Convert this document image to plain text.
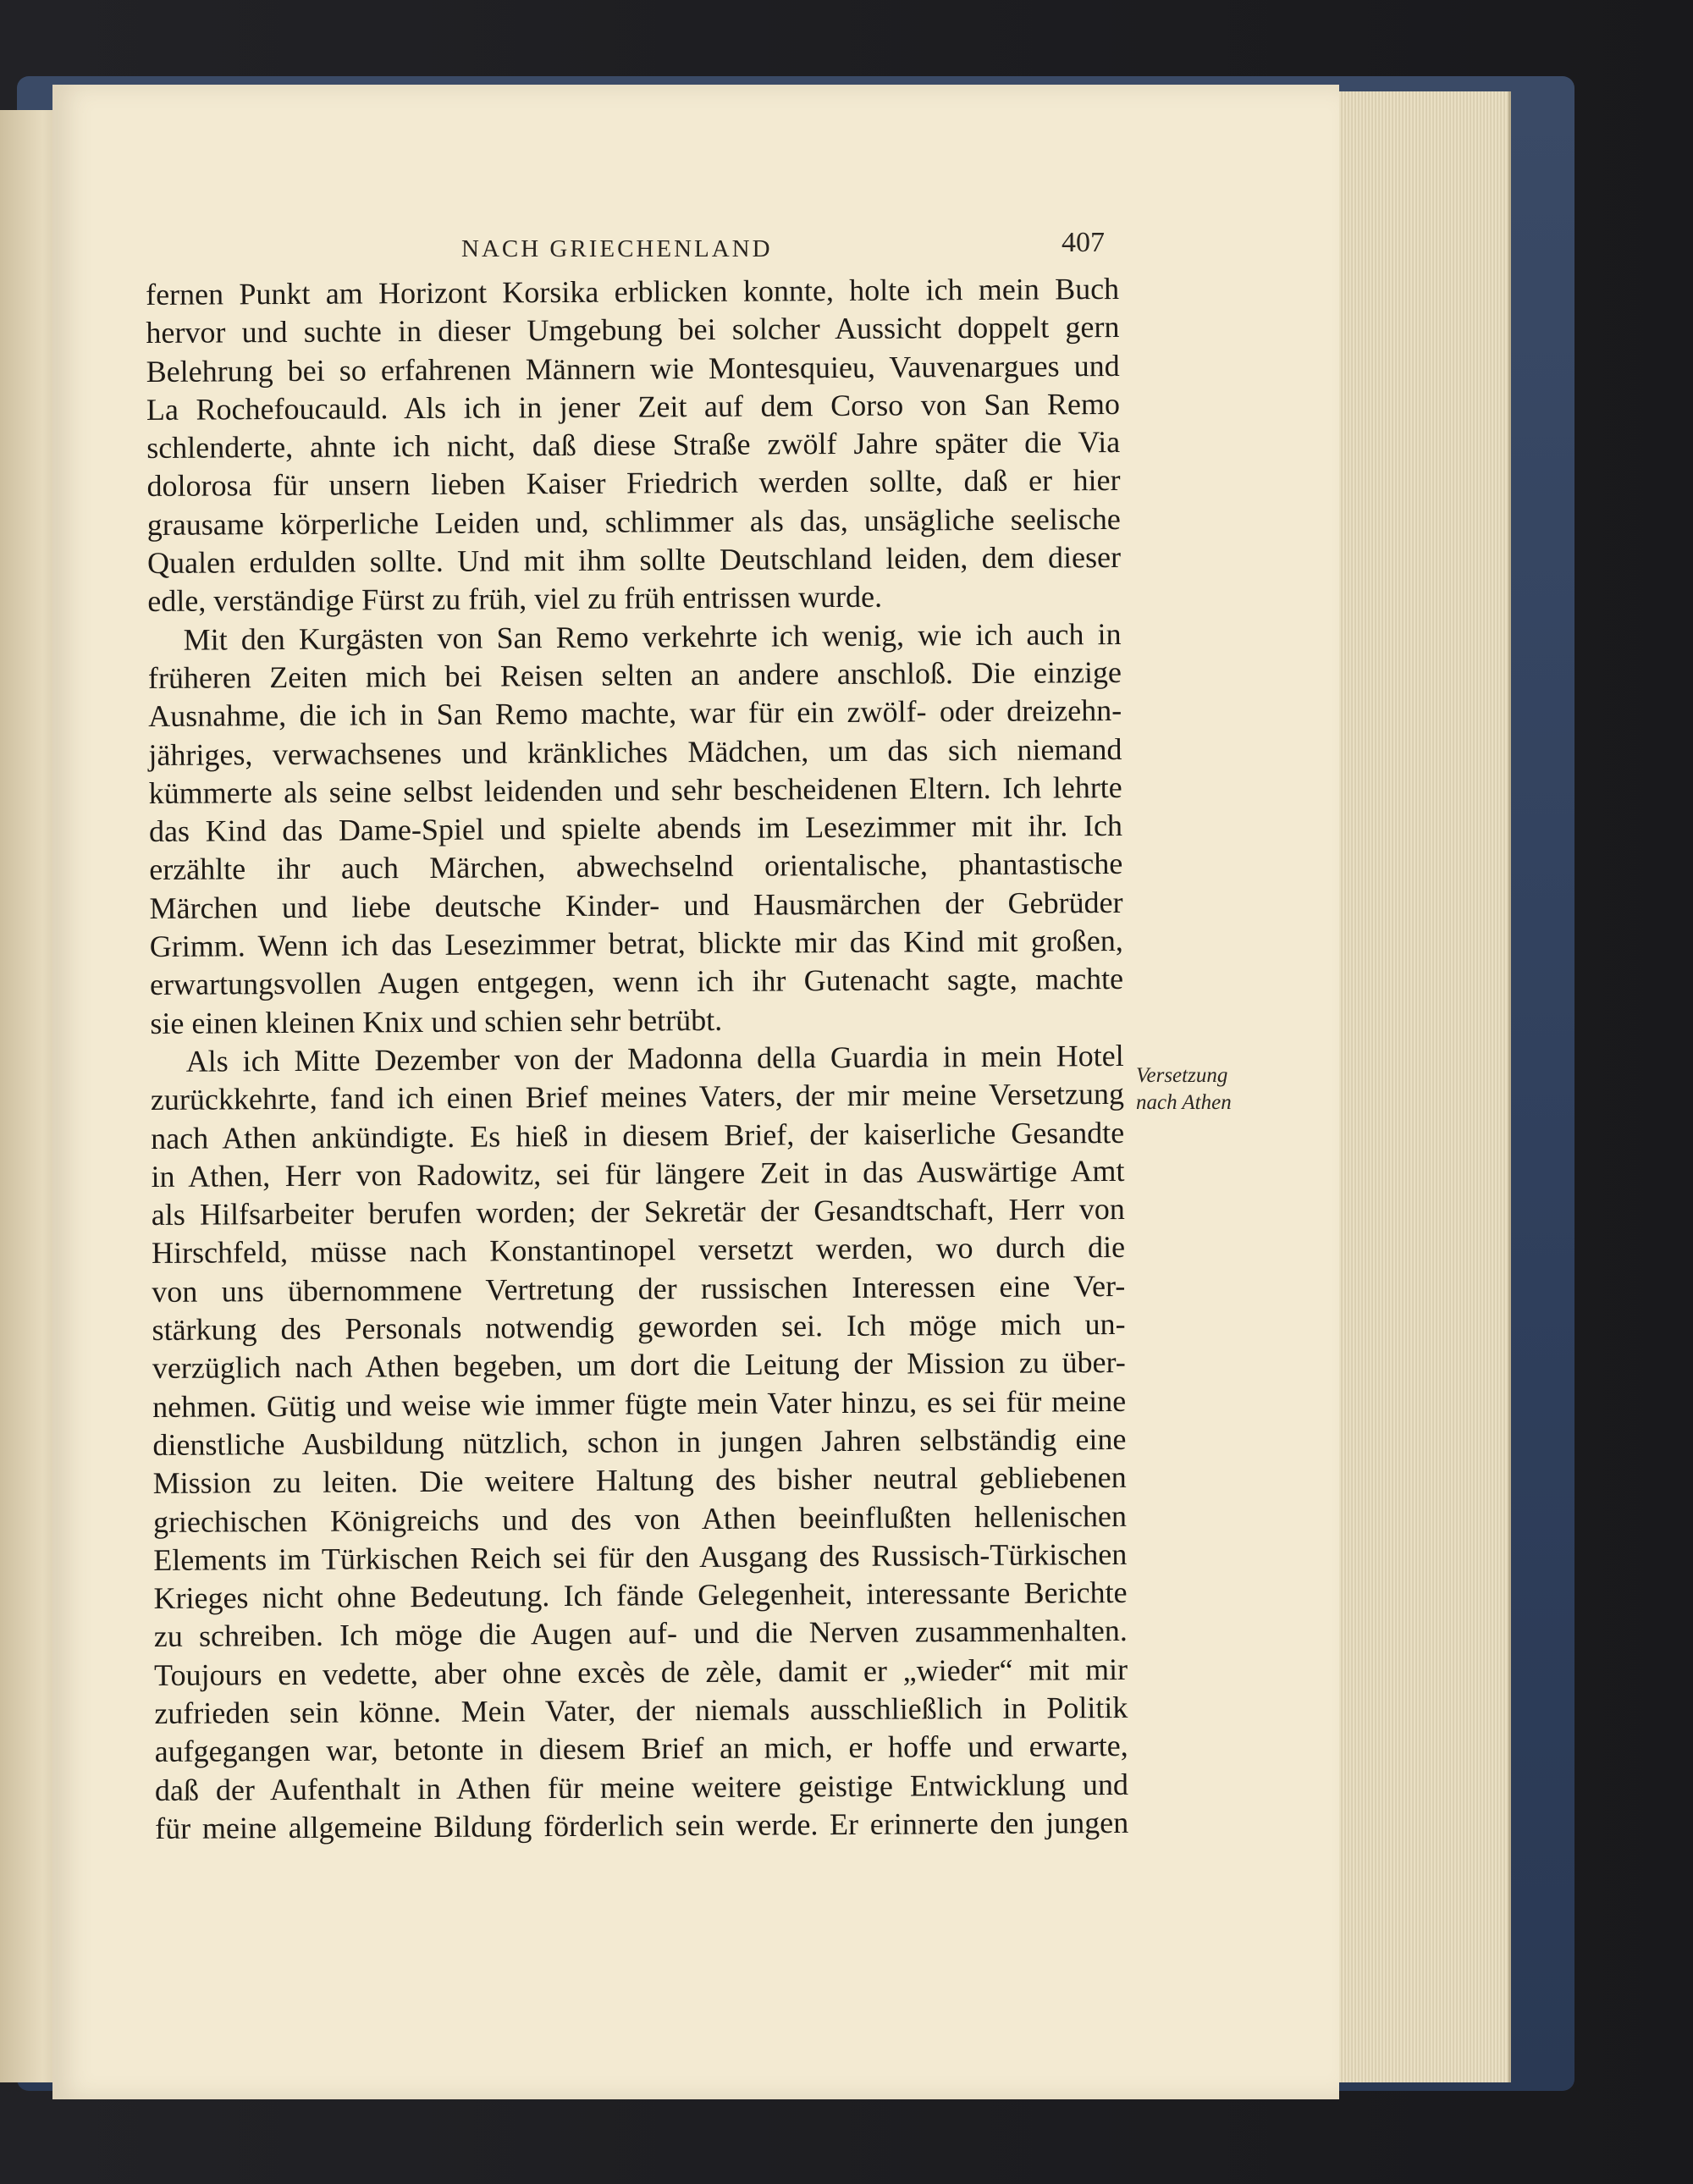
NACH GRIECHENLAND	407

fernen Punkt am Horizont Korsika erblicken konnte, holte ich mein Buch
hervor und suchte in dieser Umgebung bei solcher Aussicht doppelt gern
Belehrung bei so erfahrenen Männern wie Montesquieu, Vauvenargues und
La Rochefoucauld. Als ich in jener Zeit auf dem Corso von San Remo
schlenderte, ahnte ich nicht, daß diese Straße zwölf Jahre später die Via
dolorosa für unsern lieben Kaiser Friedrich werden sollte, daß er hier
grausame körperliche Leiden und, schlimmer als das, unsägliche seelische
Qualen erdulden sollte. Und mit ihm sollte Deutschland leiden, dem dieser
edle, verständige Fürst zu früh, viel zu früh entrissen wurde.

Mit den Kurgästen von San Remo verkehrte ich wenig, wie ich auch in
früheren Zeiten mich bei Reisen selten an andere anschloß. Die einzige
Ausnahme, die ich in San Remo machte, war für ein zwölf- oder dreizehn-
jähriges, verwachsenes und kränkliches Mädchen, um das sich niemand
kümmerte als seine selbst leidenden und sehr bescheidenen Eltern. Ich lehrte
das Kind das Dame-Spiel und spielte abends im Lesezimmer mit ihr. Ich
erzählte ihr auch Märchen, abwechselnd orientalische, phantastische
Märchen und liebe deutsche Kinder- und Hausmärchen der Gebrüder
Grimm. Wenn ich das Lesezimmer betrat, blickte mir das Kind mit großen,
erwartungsvollen Augen entgegen, wenn ich ihr Gutenacht sagte, machte
sie einen kleinen Knix und schien sehr betrübt.

Als ich Mitte Dezember von der Madonna della Guardia in mein Hotel
zurückkehrte, fand ich einen Brief meines Vaters, der mir meine Versetzung
nach Athen ankündigte. Es hieß in diesem Brief, der kaiserliche Gesandte
in Athen, Herr von Radowitz, sei für längere Zeit in das Auswärtige Amt
als Hilfsarbeiter berufen worden; der Sekretär der Gesandtschaft, Herr von
Hirschfeld, müsse nach Konstantinopel versetzt werden, wo durch die
von uns übernommene Vertretung der russischen Interessen eine Ver-
stärkung des Personals notwendig geworden sei. Ich möge mich un-
verzüglich nach Athen begeben, um dort die Leitung der Mission zu über-
nehmen. Gütig und weise wie immer fügte mein Vater hinzu, es sei für meine
dienstliche Ausbildung nützlich, schon in jungen Jahren selbständig eine
Mission zu leiten. Die weitere Haltung des bisher neutral gebliebenen
griechischen Königreichs und des von Athen beeinflußten hellenischen
Elements im Türkischen Reich sei für den Ausgang des Russisch-Türkischen
Krieges nicht ohne Bedeutung. Ich fände Gelegenheit, interessante Berichte
zu schreiben. Ich möge die Augen auf- und die Nerven zusammenhalten.
Toujours en vedette, aber ohne excès de zèle, damit er „wieder“ mit mir
zufrieden sein könne. Mein Vater, der niemals ausschließlich in Politik
aufgegangen war, betonte in diesem Brief an mich, er hoffe und erwarte,
daß der Aufenthalt in Athen für meine weitere geistige Entwicklung und
für meine allgemeine Bildung förderlich sein werde. Er erinnerte den jungen

Versetzung
nach Athen
